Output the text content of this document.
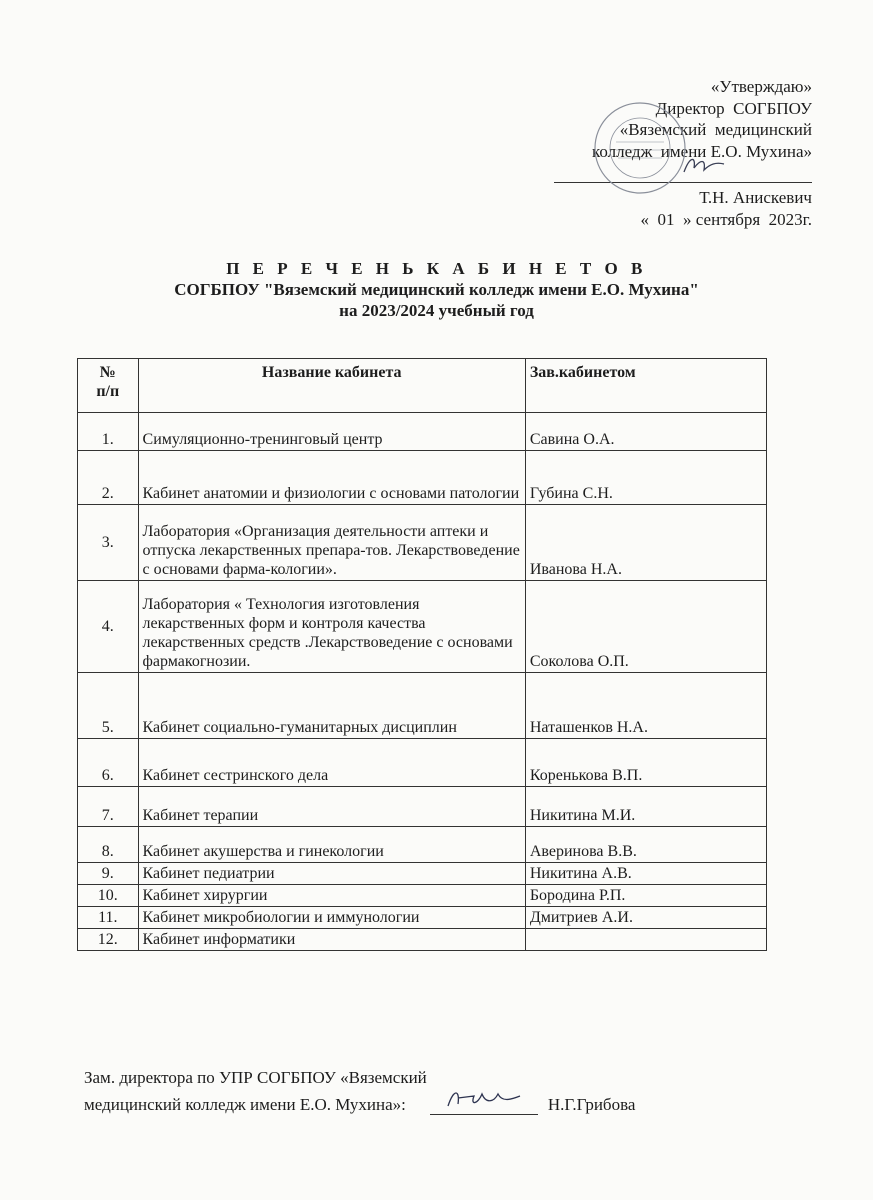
«Утверждаю»
Директор  СОГБПОУ
«Вяземский  медицинский
колледж  имени Е.О. Мухина»
Т.Н. Анискевич
«  01  » сентября  2023г.
П Е Р Е Ч Е Н Ь К А Б И Н Е Т О В
СОГБПОУ "Вяземский медицинский колледж имени Е.О. Мухина"
на 2023/2024 учебный год
№
п/п	Название кабинета	Зав.кабинетом
1.	Симуляционно-тренинговый центр	Савина О.А.
2.	Кабинет анатомии и физиологии с основами патологии	Губина С.Н.
3.	Лаборатория «Организация деятельности аптеки и отпуска лекарственных препара-тов. Лекарствоведение с основами фарма-кологии».	Иванова Н.А.
4.	Лаборатория « Технология изготовления лекарственных форм и контроля качества лекарственных средств .Лекарствоведение с основами фармакогнозии.	Соколова О.П.
5.	Кабинет социально-гуманитарных дисциплин	Наташенков Н.А.
6.	Кабинет сестринского дела	Коренькова В.П.
7.	Кабинет терапии	Никитина М.И.
8.	Кабинет акушерства и гинекологии	Аверинова В.В.
9.	Кабинет педиатрии	Никитина А.В.
10.	Кабинет хирургии	Бородина Р.П.
11.	Кабинет микробиологии и иммунологии	Дмитриев А.И.
12.	Кабинет информатики	
Зам. директора по УПР СОГБПОУ «Вяземский
медицинский колледж имени Е.О. Мухина»:	Н.Г.Грибова
